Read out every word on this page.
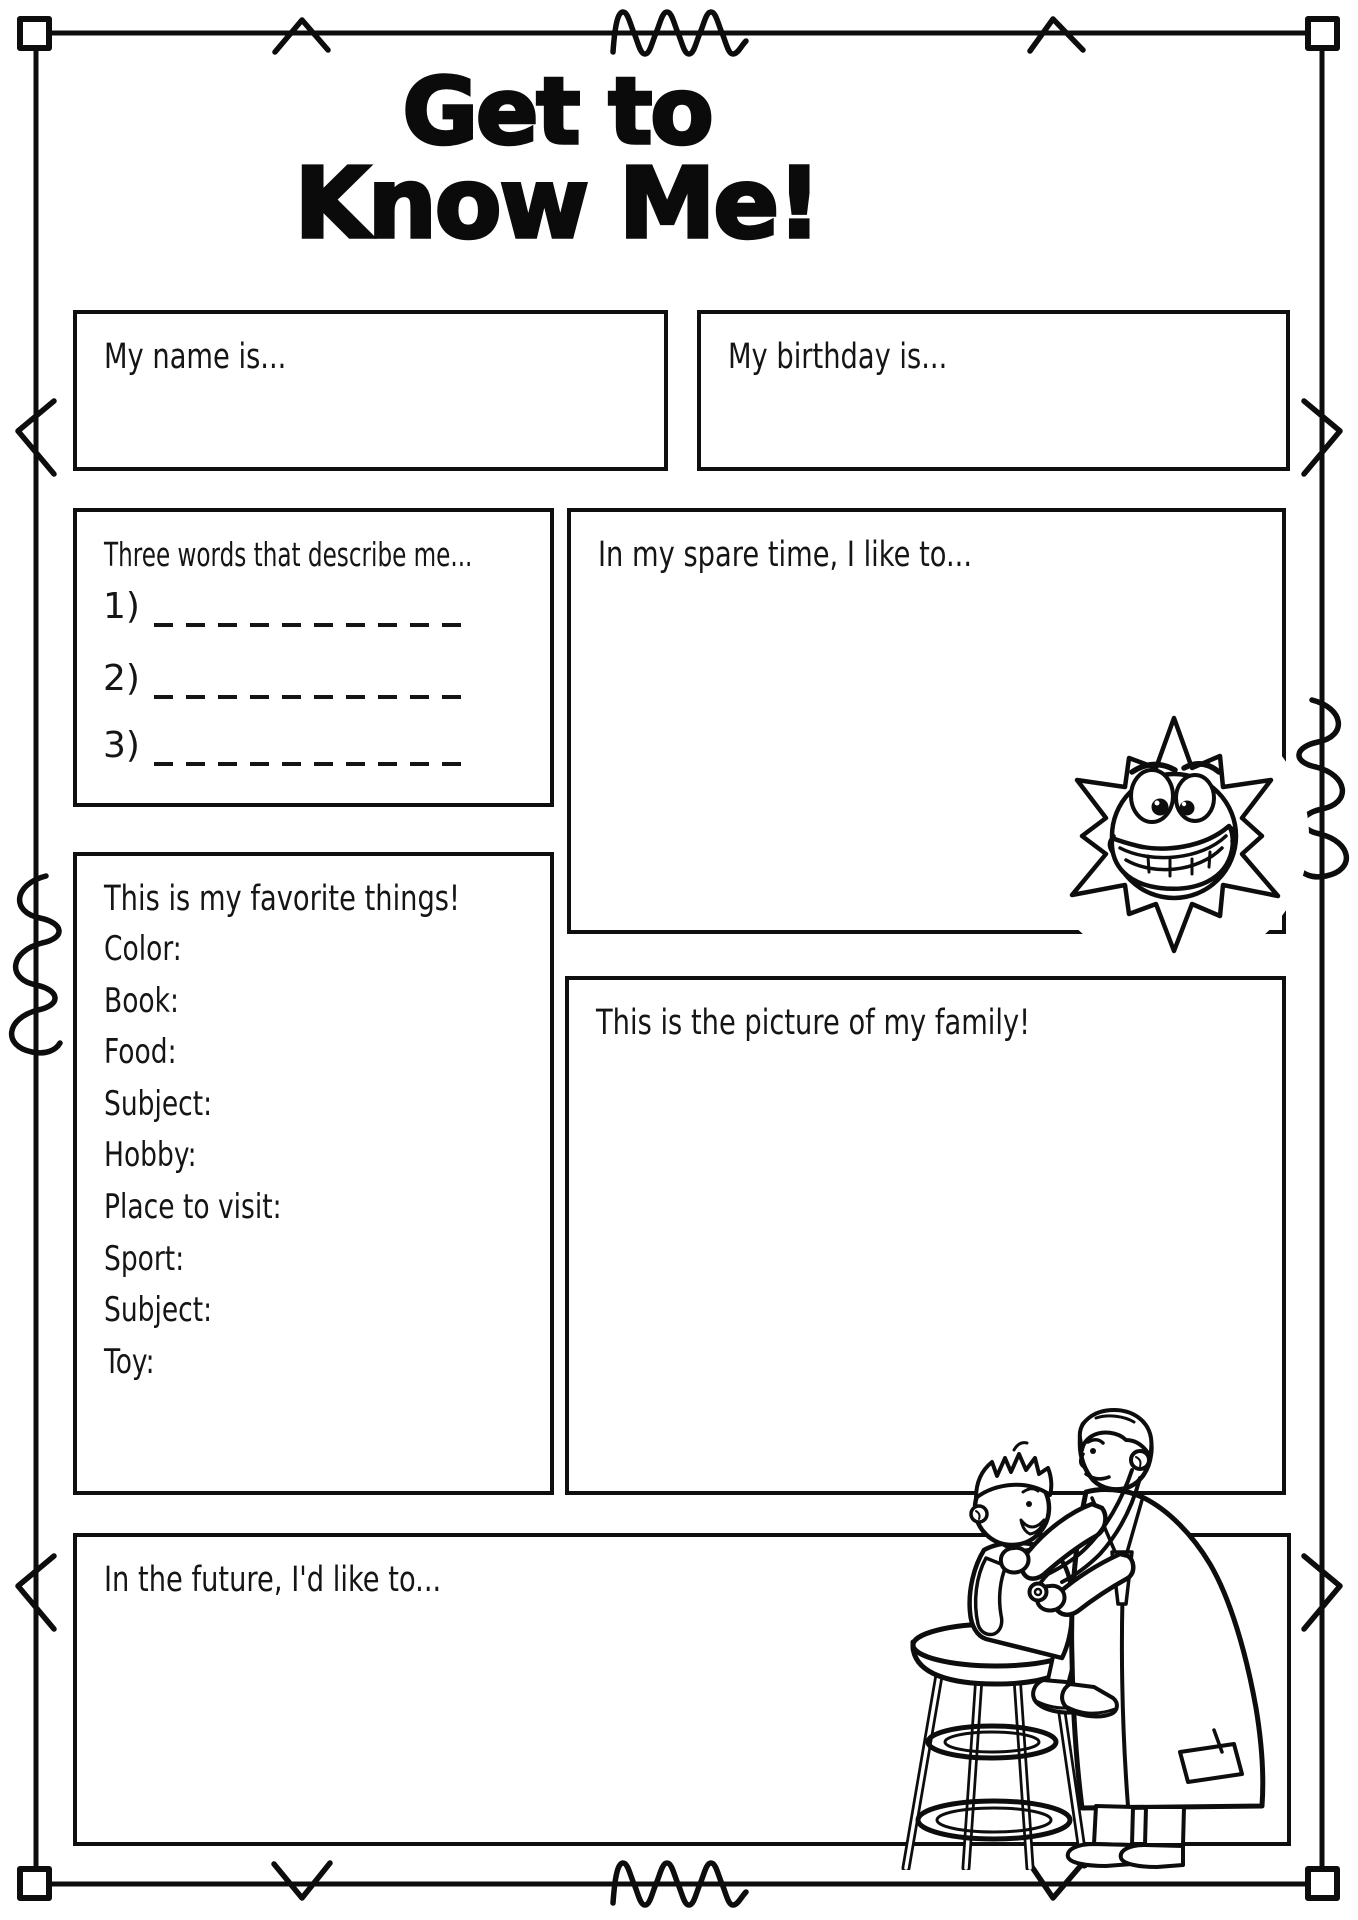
Get to
Know Me!
My name is...	My birthday is...
Three words that describe me...
1)
2)
3)
In my spare time, I like to...
This is my favorite things!
Color:
Book:
Food:
Subject:
Hobby:
Place to visit:
Sport:
Subject:
Toy:
This is the picture of my family!
In the future, I'd like to...
